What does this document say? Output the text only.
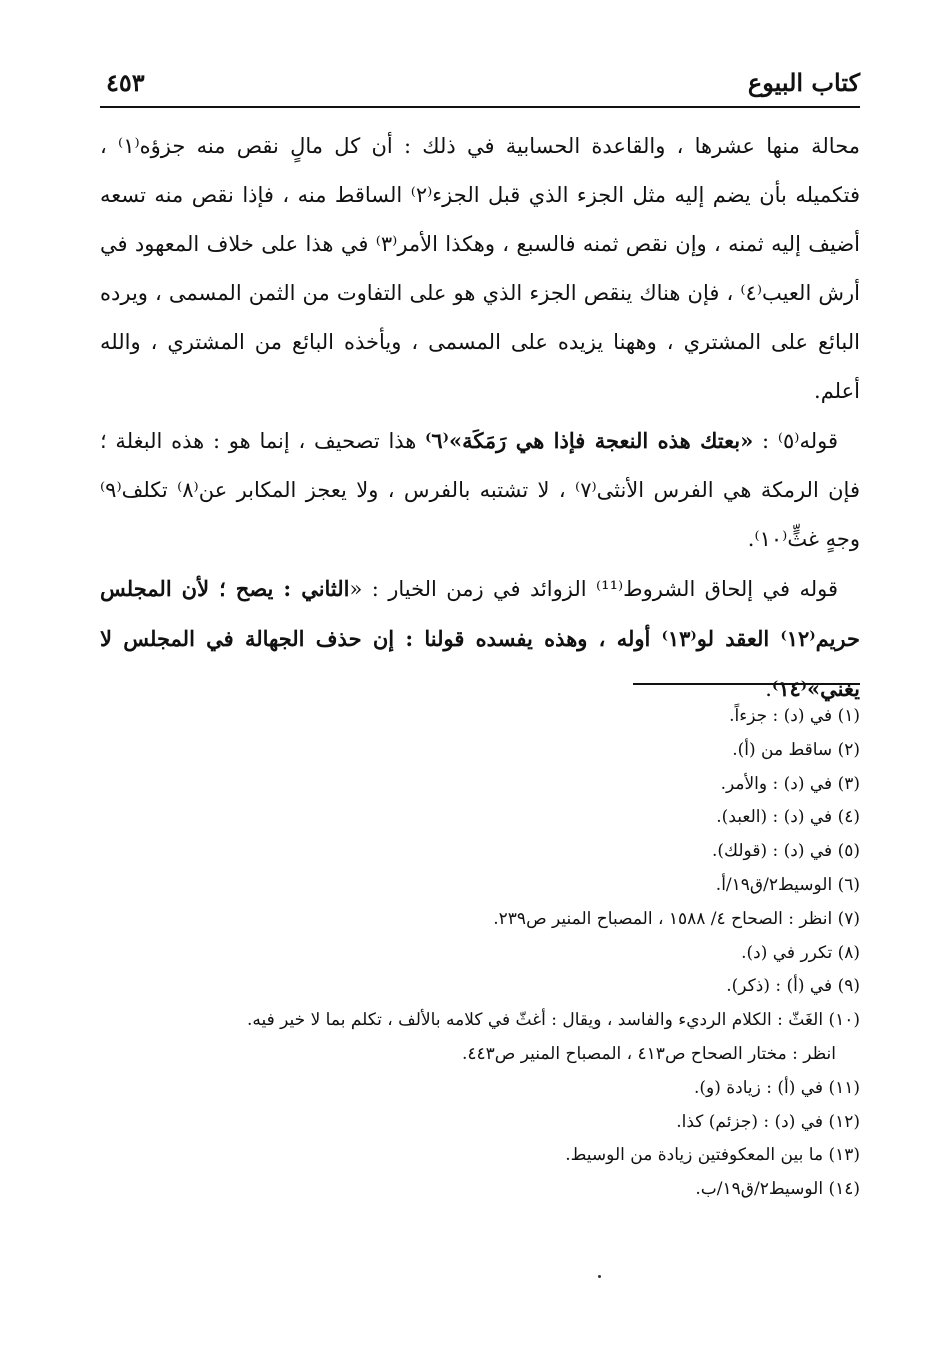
كتاب البيوع
٤٥٣

محالة منها عشرها ، والقاعدة الحسابية في ذلك : أن كل مالٍ نقص منه جزؤه⁽١⁾ ، فتكميله بأن يضم إليه مثل الجزء الذي قبل الجزء⁽٢⁾ الساقط منه ، فإذا نقص منه تسعه أضيف إليه ثمنه ، وإن نقص ثمنه فالسبع ، وهكذا الأمر⁽٣⁾ في هذا على خلاف المعهود في أرش العيب⁽٤⁾ ، فإن هناك ينقص الجزء الذي هو على التفاوت من الثمن المسمى ، ويرده البائع على المشتري ، وههنا يزيده على المسمى ، ويأخذه البائع من المشتري ، والله أعلم.

قوله⁽٥⁾ : «بعتك هذه النعجة فإذا هي رَمَكَة»⁽٦⁾ هذا تصحيف ، إنما هو : هذه البغلة ؛ فإن الرمكة هي الفرس الأنثى⁽٧⁾ ، لا تشتبه بالفرس ، ولا يعجز المكابر عن⁽٨⁾ تكلف⁽٩⁾ وجهٍ غثٍّ⁽١٠⁾.

قوله في إلحاق الشروط⁽¹¹⁾ الزوائد في زمن الخيار : «الثاني : يصح ؛ لأن المجلس حريم⁽١٢⁾ العقد لو⁽١٣⁾ أوله ، وهذه يفسده قولنا : إن حذف الجهالة في المجلس لا يغني»⁽١٤⁾.

(١) في (د) : جزءاً.

(٢) ساقط من (أ).

(٣) في (د) : والأمر.

(٤) في (د) : (العبد).

(٥) في (د) : (قولك).

(٦) الوسيط٢/ق١٩/أ.

(٧) انظر : الصحاح ٤/ ١٥٨٨ ، المصباح المنير ص٢٣٩.

(٨) تكرر في (د).

(٩) في (أ) : (ذكر).

(١٠) الغَثّ : الكلام الرديء والفاسد ، ويقال : أغثّ في كلامه بالألف ، تكلم بما لا خير فيه.

انظر : مختار الصحاح ص٤١٣ ، المصباح المنير ص٤٤٣.

(١١) في (أ) : زيادة (و).

(١٢) في (د) : (جزئم) كذا.

(١٣) ما بين المعكوفتين زيادة من الوسيط.

(١٤) الوسيط٢/ق١٩/ب.
